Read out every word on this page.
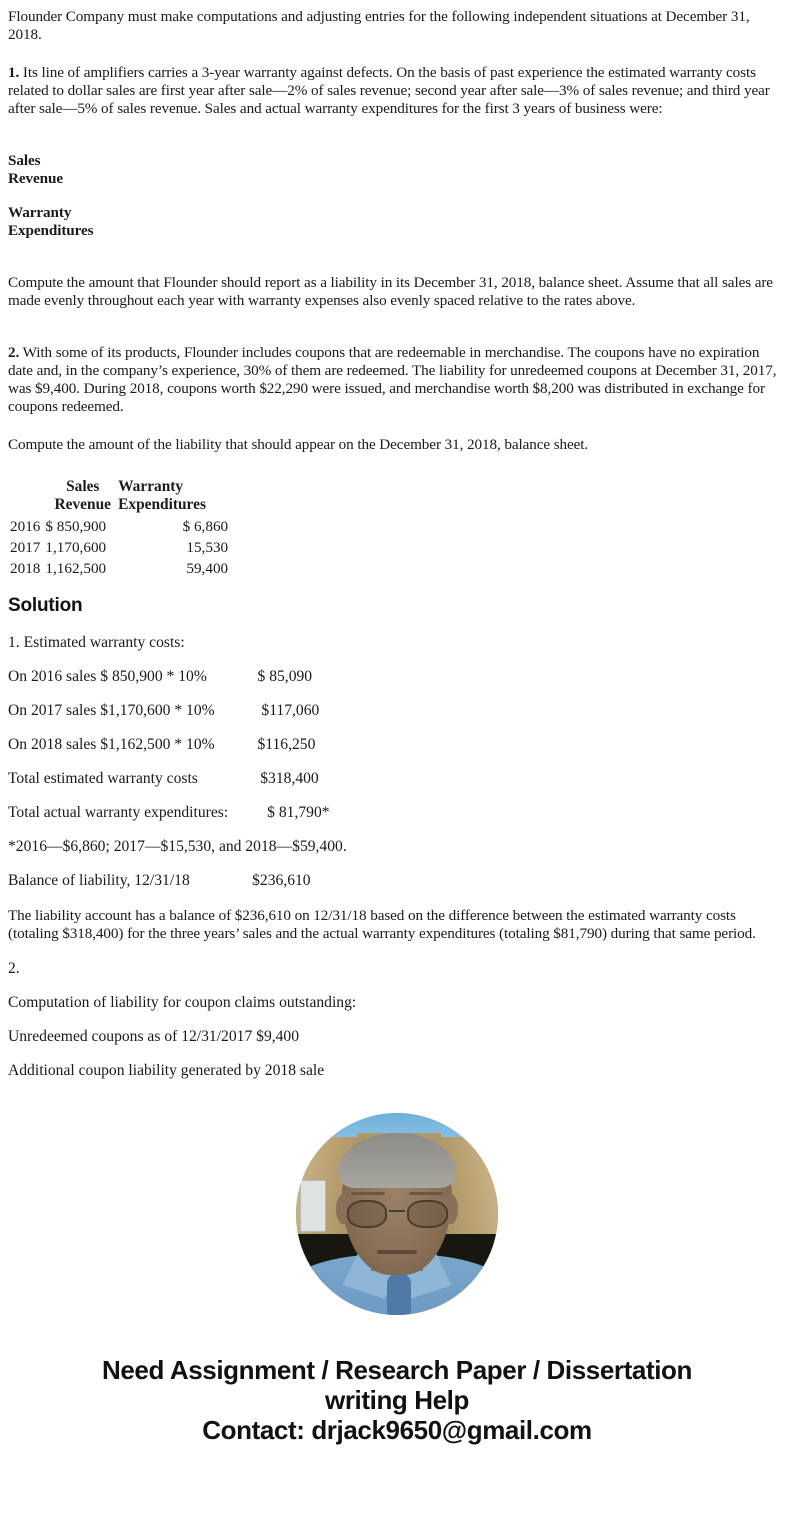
Flounder Company must make computations and adjusting entries for the following independent situations at December 31, 2018.

1. Its line of amplifiers carries a 3-year warranty against defects. On the basis of past experience the estimated warranty costs related to dollar sales are first year after sale—2% of sales revenue; second year after sale—3% of sales revenue; and third year after sale—5% of sales revenue. Sales and actual warranty expenditures for the first 3 years of business were:

Sales
Revenue
Warranty
Expenditures

Compute the amount that Flounder should report as a liability in its December 31, 2018, balance sheet. Assume that all sales are made evenly throughout each year with warranty expenses also evenly spaced relative to the rates above.

2. With some of its products, Flounder includes coupons that are redeemable in merchandise. The coupons have no expiration date and, in the company’s experience, 30% of them are redeemed. The liability for unredeemed coupons at December 31, 2017, was $9,400. During 2018, coupons worth $22,290 were issued, and merchandise worth $8,200 was distributed in exchange for coupons redeemed.

Compute the amount of the liability that should appear on the December 31, 2018, balance sheet.

Sales
Revenue

Warranty
Expenditures

2016	$ 850,900	$ 6,860
2017	1,170,600	15,530
2018	1,162,500	59,400
Solution

1. Estimated warranty costs:

On 2016 sales $ 850,900 * 10%	$ 85,090
On 2017 sales $1,170,600 * 10%	$117,060
On 2018 sales $1,162,500 * 10%	$116,250
Total estimated warranty costs	$318,400
Total actual warranty expenditures: $ 81,790*

*2016—$6,860; 2017—$15,530, and 2018—$59,400.

Balance of liability, 12/31/18	$236,610

The liability account has a balance of $236,610 on 12/31/18 based on the difference between the estimated warranty costs (totaling $318,400) for the three years’ sales and the actual warranty expenditures (totaling $81,790) during that same period.

2.

Computation of liability for coupon claims outstanding:

Unredeemed coupons as of 12/31/2017 $9,400

Additional coupon liability generated by 2018 sale

Need Assignment / Research Paper / Dissertation
writing Help
Contact: drjack9650@gmail.com
